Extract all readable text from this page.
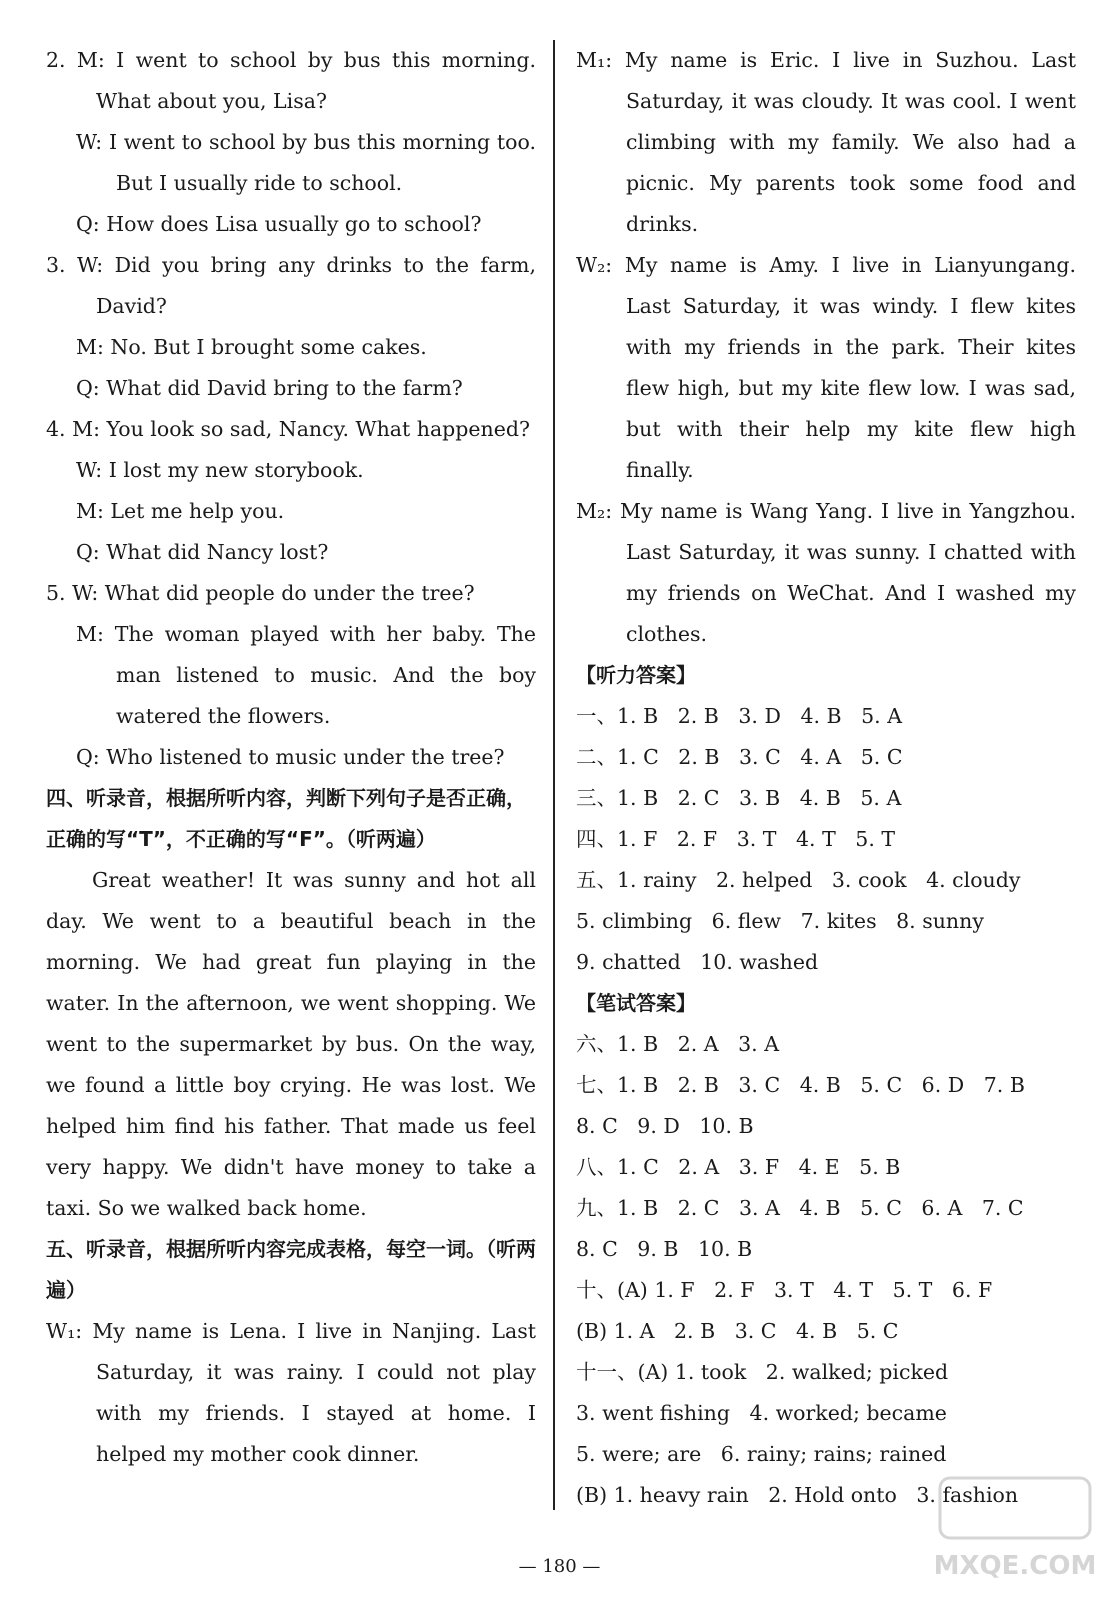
2. M: I went to school by bus this morning. What about you, Lisa?
W: I went to school by bus this morning too. But I usually ride to school.
Q: How does Lisa usually go to school?
3. W: Did you bring any drinks to the farm, David?
M: No. But I brought some cakes.
Q: What did David bring to the farm?
4. M: You look so sad, Nancy. What happened?
W: I lost my new storybook.
M: Let me help you.
Q: What did Nancy lost?
5. W: What did people do under the tree?
M: The woman played with her baby. The man listened to music. And the boy watered the flowers.
Q: Who listened to music under the tree?
四、听录音，根据所听内容，判断下列句子是否正确，正确的写“T”，不正确的写“F”。（听两遍）
Great weather! It was sunny and hot all day. We went to a beautiful beach in the morning. We had great fun playing in the water. In the afternoon, we went shopping. We went to the supermarket by bus. On the way, we found a little boy crying. He was lost. We helped him find his father. That made us feel very happy. We didn't have money to take a taxi. So we walked back home.
五、听录音，根据所听内容完成表格，每空一词。（听两遍）
W₁: My name is Lena. I live in Nanjing. Last Saturday, it was rainy. I could not play with my friends. I stayed at home. I helped my mother cook dinner.
M₁: My name is Eric. I live in Suzhou. Last Saturday, it was cloudy. It was cool. I went climbing with my family. We also had a picnic. My parents took some food and drinks.
W₂: My name is Amy. I live in Lianyungang. Last Saturday, it was windy. I flew kites with my friends in the park. Their kites flew high, but my kite flew low. I was sad, but with their help my kite flew high finally.
M₂: My name is Wang Yang. I live in Yangzhou. Last Saturday, it was sunny. I chatted with my friends on WeChat. And I washed my clothes.
【听力答案】
一、1. B   2. B   3. D   4. B   5. A
二、1. C   2. B   3. C   4. A   5. C
三、1. B   2. C   3. B   4. B   5. A
四、1. F   2. F   3. T   4. T   5. T
五、1. rainy   2. helped   3. cook   4. cloudy
5. climbing   6. flew   7. kites   8. sunny
9. chatted   10. washed
【笔试答案】
六、1. B   2. A   3. A
七、1. B   2. B   3. C   4. B   5. C   6. D   7. B
8. C   9. D   10. B
八、1. C   2. A   3. F   4. E   5. B
九、1. B   2. C   3. A   4. B   5. C   6. A   7. C
8. C   9. B   10. B
十、(A) 1. F   2. F   3. T   4. T   5. T   6. F
(B) 1. A   2. B   3. C   4. B   5. C
十一、(A) 1. took   2. walked; picked
3. went fishing   4. worked; became
5. were; are   6. rainy; rains; rained
(B) 1. heavy rain   2. Hold onto   3. fashion
— 180 —	MXQE.COM
